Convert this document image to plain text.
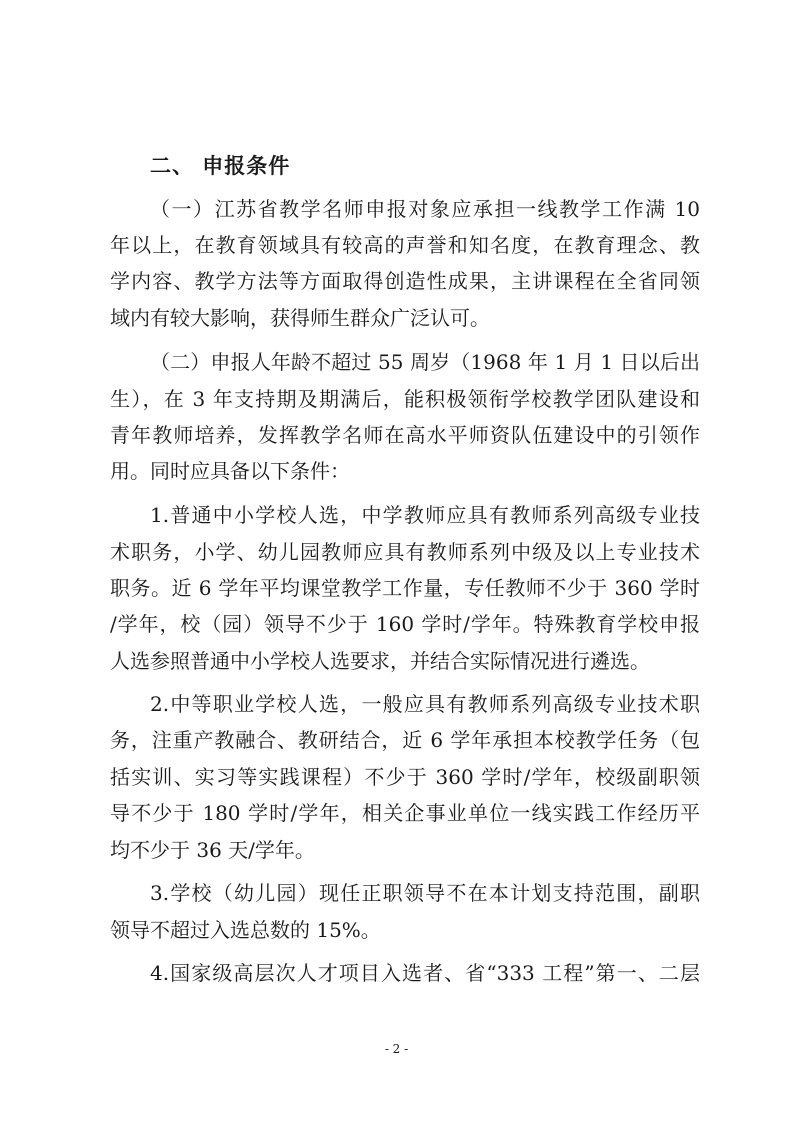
二、 申报条件
（一）江苏省教学名师申报对象应承担一线教学工作满 10
年以上，在教育领域具有较高的声誉和知名度，在教育理念、教
学内容、教学方法等方面取得创造性成果，主讲课程在全省同领
域内有较大影响，获得师生群众广泛认可。
（二）申报人年龄不超过 55 周岁（1968 年 1 月 1 日以后出
生），在 3 年支持期及期满后，能积极领衔学校教学团队建设和
青年教师培养，发挥教学名师在高水平师资队伍建设中的引领作
用。同时应具备以下条件：
1.普通中小学校人选，中学教师应具有教师系列高级专业技
术职务，小学、幼儿园教师应具有教师系列中级及以上专业技术
职务。近 6 学年平均课堂教学工作量，专任教师不少于 360 学时
/学年，校（园）领导不少于 160 学时/学年。特殊教育学校申报
人选参照普通中小学校人选要求，并结合实际情况进行遴选。
2.中等职业学校人选，一般应具有教师系列高级专业技术职
务，注重产教融合、教研结合，近 6 学年承担本校教学任务（包
括实训、实习等实践课程）不少于 360 学时/学年，校级副职领
导不少于 180 学时/学年，相关企事业单位一线实践工作经历平
均不少于 36 天/学年。
3.学校（幼儿园）现任正职领导不在本计划支持范围，副职
领导不超过入选总数的 15%。
4.国家级高层次人才项目入选者、省“333 工程”第一、二层
- 2 -
